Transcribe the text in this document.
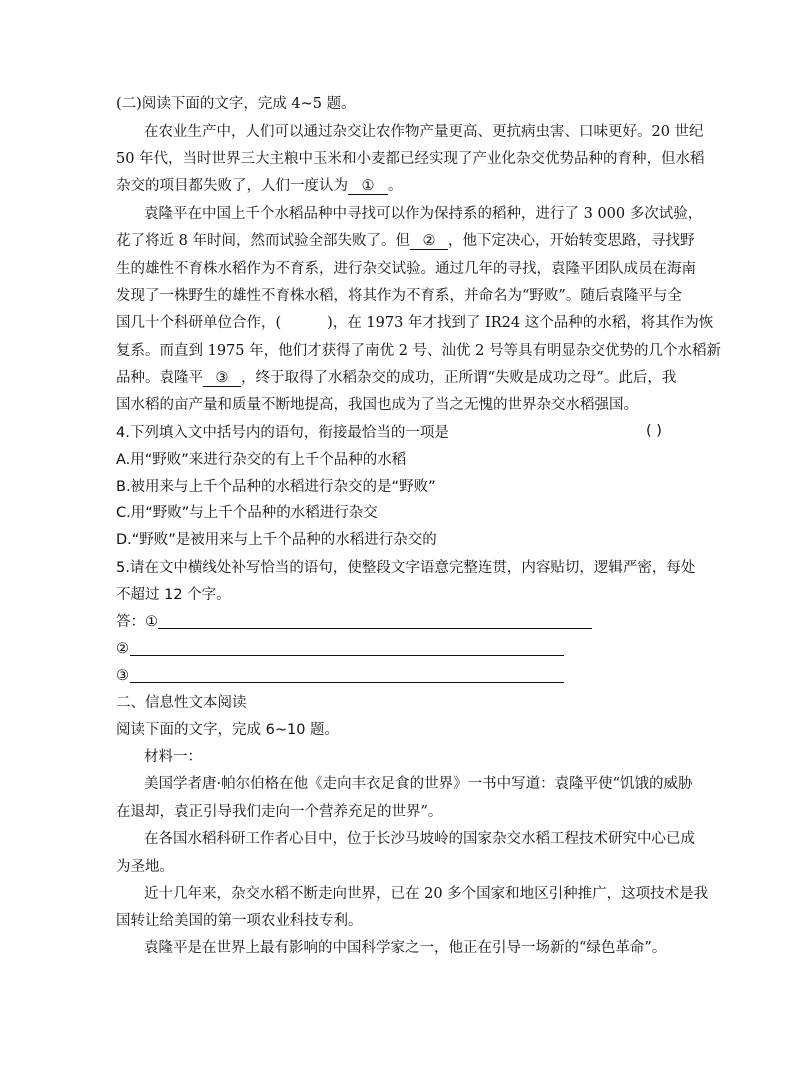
(二)阅读下面的文字，完成 4~5 题。
在农业生产中，人们可以通过杂交让农作物产量更高、更抗病虫害、口味更好。20 世纪
50 年代，当时世界三大主粮中玉米和小麦都已经实现了产业化杂交优势品种的育种，但水稻
杂交的项目都失败了，人们一度认为 ① 。
袁隆平在中国上千个水稻品种中寻找可以作为保持系的稻种，进行了 3 000 多次试验，
花了将近 8 年时间，然而试验全部失败了。但 ② ，他下定决心，开始转变思路，寻找野
生的雄性不育株水稻作为不育系，进行杂交试验。通过几年的寻找，袁隆平团队成员在海南
发现了一株野生的雄性不育株水稻，将其作为不育系，并命名为“野败”。随后袁隆平与全
国几十个科研单位合作，(	)，在 1973 年才找到了 IR24 这个品种的水稻，将其作为恢
复系。而直到 1975 年，他们才获得了南优 2 号、汕优 2 号等具有明显杂交优势的几个水稻新
品种。袁隆平 ③ ，终于取得了水稻杂交的成功，正所谓“失败是成功之母”。此后，我
国水稻的亩产量和质量不断地提高，我国也成为了当之无愧的世界杂交水稻强国。
4.下列填入文中括号内的语句，衔接最恰当的一项是	( )
A.用“野败”来进行杂交的有上千个品种的水稻
B.被用来与上千个品种的水稻进行杂交的是“野败”
C.用“野败”与上千个品种的水稻进行杂交
D.“野败”是被用来与上千个品种的水稻进行杂交的
5.请在文中横线处补写恰当的语句，使整段文字语意完整连贯，内容贴切，逻辑严密，每处
不超过 12 个字。
答：①
②
③
二、信息性文本阅读
阅读下面的文字，完成 6~10 题。
材料一：
美国学者唐·帕尔伯格在他《走向丰衣足食的世界》一书中写道：袁隆平使“饥饿的威胁
在退却，袁正引导我们走向一个营养充足的世界”。
在各国水稻科研工作者心目中，位于长沙马坡岭的国家杂交水稻工程技术研究中心已成
为圣地。
近十几年来，杂交水稻不断走向世界，已在 20 多个国家和地区引种推广，这项技术是我
国转让给美国的第一项农业科技专利。
袁隆平是在世界上最有影响的中国科学家之一，他正在引导一场新的“绿色革命”。
